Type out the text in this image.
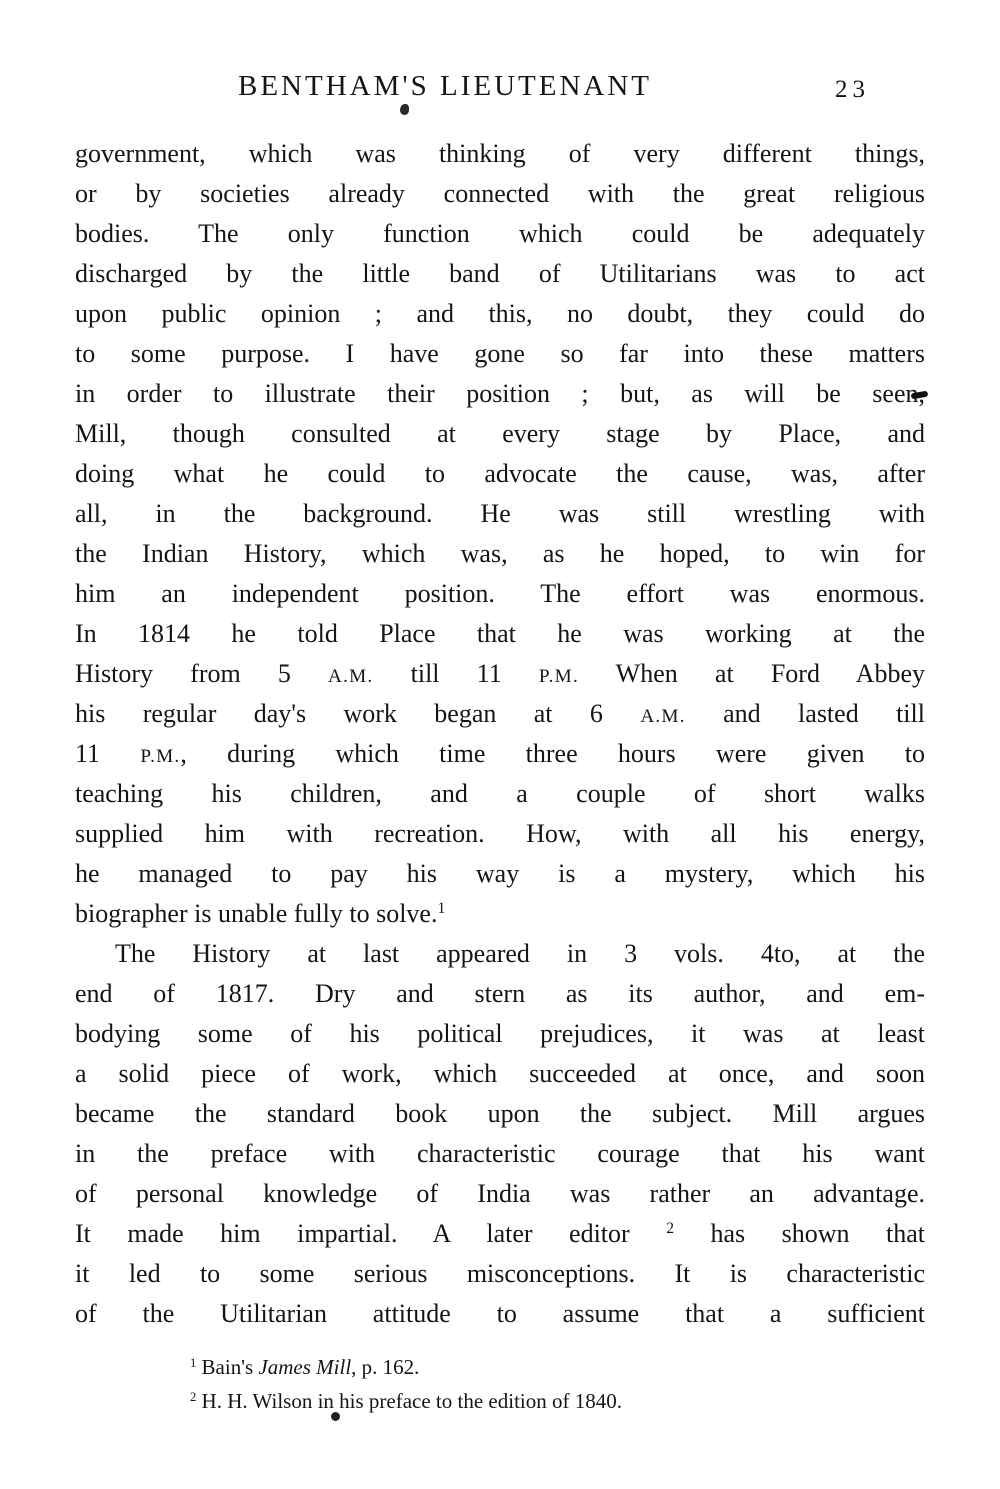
BENTHAM'S LIEUTENANT	23
government, which was thinking of very different things,
or by societies already connected with the great religious
bodies. The only function which could be adequately
discharged by the little band of Utilitarians was to act
upon public opinion ; and this, no doubt, they could do
to some purpose. I have gone so far into these matters
in order to illustrate their position ; but, as will be seen,
Mill, though consulted at every stage by Place, and
doing what he could to advocate the cause, was, after
all, in the background. He was still wrestling with
the Indian History, which was, as he hoped, to win for
him an independent position. The effort was enormous.
In 1814 he told Place that he was working at the
History from 5 A.M. till 11 P.M. When at Ford Abbey
his regular day's work began at 6 A.M. and lasted till
11 P.M., during which time three hours were given to
teaching his children, and a couple of short walks
supplied him with recreation. How, with all his energy,
he managed to pay his way is a mystery, which his
biographer is unable fully to solve.$^1$
The History at last appeared in 3 vols. 4to, at the
end of 1817. Dry and stern as its author, and em-
bodying some of his political prejudices, it was at least
a solid piece of work, which succeeded at once, and soon
became the standard book upon the subject. Mill argues
in the preface with characteristic courage that his want
of personal knowledge of India was rather an advantage.
It made him impartial. A later editor $^2$ has shown that
it led to some serious misconceptions. It is characteristic
of the Utilitarian attitude to assume that a sufficient
$^1$ Bain's James Mill, p. 162.
$^2$ H. H. Wilson in his preface to the edition of 1840.
